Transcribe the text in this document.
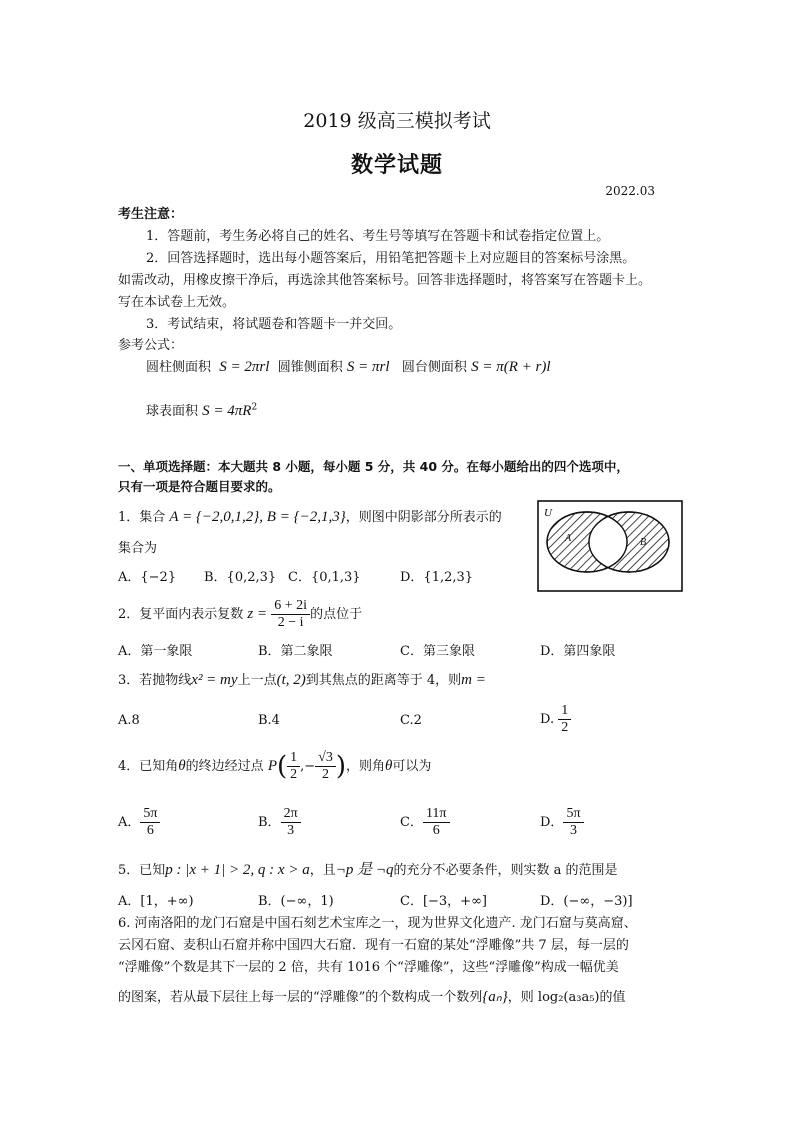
2019 级高三模拟考试
数学试题
2022.03
考生注意：
1．答题前，考生务必将自己的姓名、考生号等填写在答题卡和试卷指定位置上。
2．回答选择题时，选出每小题答案后，用铅笔把答题卡上对应题目的答案标号涂黑。
如需改动，用橡皮擦干净后，再选涂其他答案标号。回答非选择题时，将答案写在答题卡上。
写在本试卷上无效。
3．考试结束，将试题卷和答题卡一并交回。
参考公式：
圆柱侧面积 S = 2πrl 圆锥侧面积 S = πrl 圆台侧面积 S = π(R + r)l
球表面积 $S = 4\pi R^2$
一、单项选择题：本大题共 8 小题，每小题 5 分，共 40 分。在每小题给出的四个选项中，
只有一项是符合题目要求的。
1．集合 A = {−2,0,1,2}, B = {−2,1,3}，则图中阴影部分所表示的
集合为
A．{−2} B．{0,2,3} C．{0,1,3}	D．{1,2,3}
U
A	B
2．复平面内表示复数 $z = \frac{6 + 2i}{2 - i}$ 的点位于
A．第一象限	B．第二象限	C．第三象限	D．第四象限
3．若抛物线x² = my上一点(t, 2)到其焦点的距离等于 4，则m =
A.8	B.4	C.2	D. $\frac{1}{2}$
4．已知角θ的终边经过点 $P( \frac{1}{2}$ ,− $\frac{√3}{2}$ )，则角θ可以为
A． $\frac{5\pi}{6}$	B． $\frac{2\pi}{3}$	C． $\frac{11\pi}{6}$	D． $\frac{5\pi}{3}$
5．已知p : |x + 1| > 2, q : x > a，且¬p 是 ¬q的充分不必要条件，则实数 a 的范围是
A．[1，+∞)	B．(−∞，1)	C．[−3，+∞]	D．(−∞，−3)]
6. 河南洛阳的龙门石窟是中国石刻艺术宝库之一，现为世界文化遗产. 龙门石窟与莫高窟、
云冈石窟、麦积山石窟并称中国四大石窟．现有一石窟的某处“浮雕像”共 7 层，每一层的
“浮雕像”个数是其下一层的 2 倍，共有 1016 个“浮雕像”，这些“浮雕像”构成一幅优美
的图案，若从最下层往上每一层的“浮雕像”的个数构成一个数列{aₙ}，则 log₂(a₃a₅)的值
